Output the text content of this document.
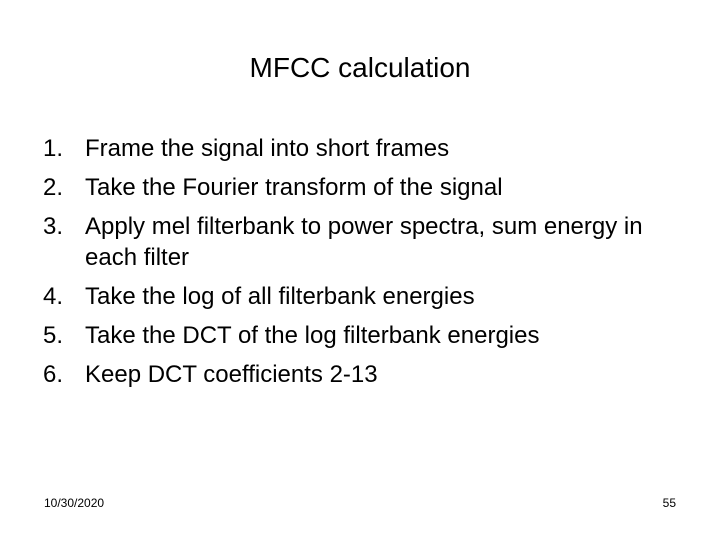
MFCC calculation
1. Frame the signal into short frames
2. Take the Fourier transform of the signal
3. Apply mel filterbank to power spectra, sum energy in each filter
4. Take the log of all filterbank energies
5. Take the DCT of the log filterbank energies
6. Keep DCT coefficients 2-13
10/30/2020	55
